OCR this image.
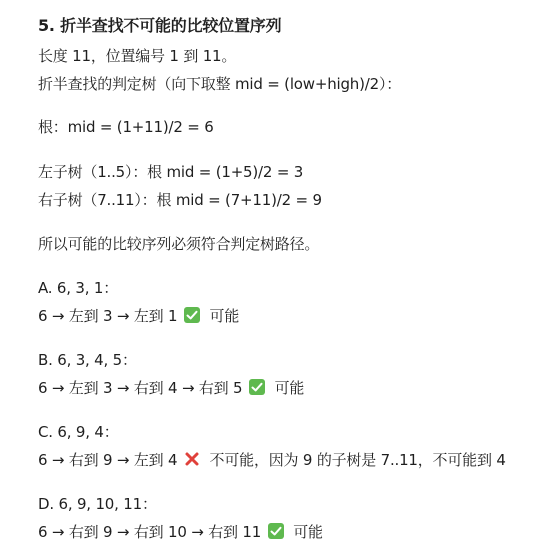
5. 折半查找不可能的比较位置序列
长度 11，位置编号 1 到 11。
折半查找的判定树（向下取整 mid = (low+high)/2）：
根：mid = (1+11)/2 = 6
左子树（1..5）：根 mid = (1+5)/2 = 3
右子树（7..11）：根 mid = (7+11)/2 = 9
所以可能的比较序列必须符合判定树路径。
A. 6, 3, 1：
6 → 左到 3 → 左到 1 可能
B. 6, 3, 4, 5：
6 → 左到 3 → 右到 4 → 右到 5 可能
C. 6, 9, 4：
6 → 右到 9 → 左到 4 不可能，因为 9 的子树是 7..11，不可能到 4
D. 6, 9, 10, 11：
6 → 右到 9 → 右到 10 → 右到 11 可能
